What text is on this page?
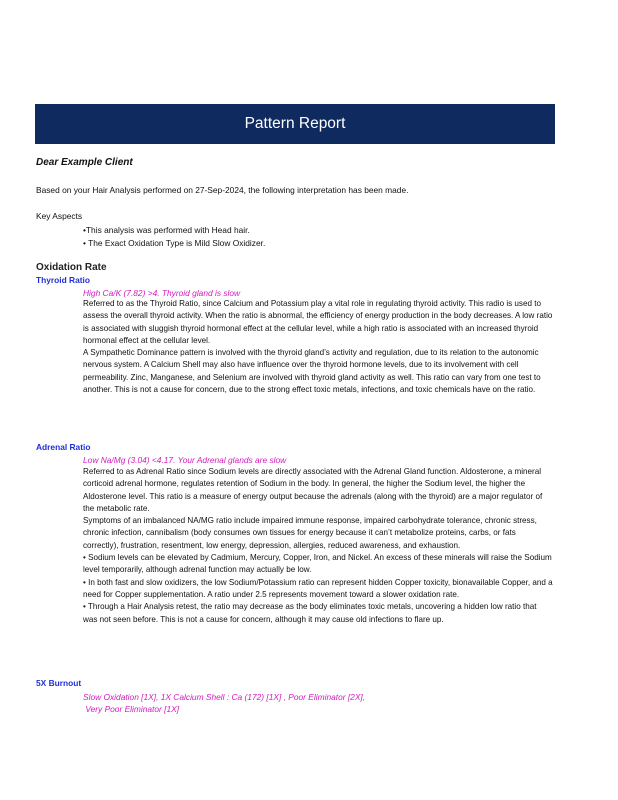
Pattern Report
Dear Example Client
Based on your Hair Analysis performed on 27-Sep-2024, the following interpretation has been made.
Key Aspects
•This analysis was performed with Head hair.
• The Exact Oxidation Type is Mild Slow Oxidizer.
Oxidation Rate
Thyroid Ratio
High Ca/K (7.82) >4. Thyroid gland is slow

Referred to as the Thyroid Ratio, since Calcium and Potassium play a vital role in regulating thyroid activity. This radio is used to assess the overall thyroid activity. When the ratio is abnormal, the efficiency of energy production in the body decreases. A low ratio is associated with sluggish thyroid hormonal effect at the cellular level, while a high ratio is associated with an increased thyroid hormonal effect at the cellular level.

A Sympathetic Dominance pattern is involved with the thyroid gland’s activity and regulation, due to its relation to the autonomic nervous system. A Calcium Shell may also have influence over the thyroid hormone levels, due to its involvement with cell permeability. Zinc, Manganese, and Selenium are involved with thyroid gland activity as well. This ratio can vary from one test to another. This is not a cause for concern, due to the strong effect toxic metals, infections, and toxic chemicals have on the ratio.

Adrenal Ratio
Low Na/Mg (3.04) <4.17. Your Adrenal glands are slow

Referred to as Adrenal Ratio since Sodium levels are directly associated with the Adrenal Gland function. Aldosterone, a mineral corticoid adrenal hormone, regulates retention of Sodium in the body. In general, the higher the Sodium level, the higher the Aldosterone level. This ratio is a measure of energy output because the adrenals (along with the thyroid) are a major regulator of the metabolic rate.

Symptoms of an imbalanced NA/MG ratio include impaired immune response, impaired carbohydrate tolerance, chronic stress, chronic infection, cannibalism (body consumes own tissues for energy because it can’t metabolize proteins, carbs, or fats correctly), frustration, resentment, low energy, depression, allergies, reduced awareness, and exhaustion.

• Sodium levels can be elevated by Cadmium, Mercury, Copper, Iron, and Nickel. An excess of these minerals will raise the Sodium level temporarily, although adrenal function may actually be low.

• In both fast and slow oxidizers, the low Sodium/Potassium ratio can represent hidden Copper toxicity, bionavailable Copper, and a need for Copper supplementation. A ratio under 2.5 represents movement toward a slower oxidation rate.

• Through a Hair Analysis retest, the ratio may decrease as the body eliminates toxic metals, uncovering a hidden low ratio that was not seen before. This is not a cause for concern, although it may cause old infections to flare up.

5X Burnout
Slow Oxidation [1X], 1X Calcium Shell : Ca (172) [1X] , Poor Eliminator [2X],
Very Poor Eliminator [1X]
